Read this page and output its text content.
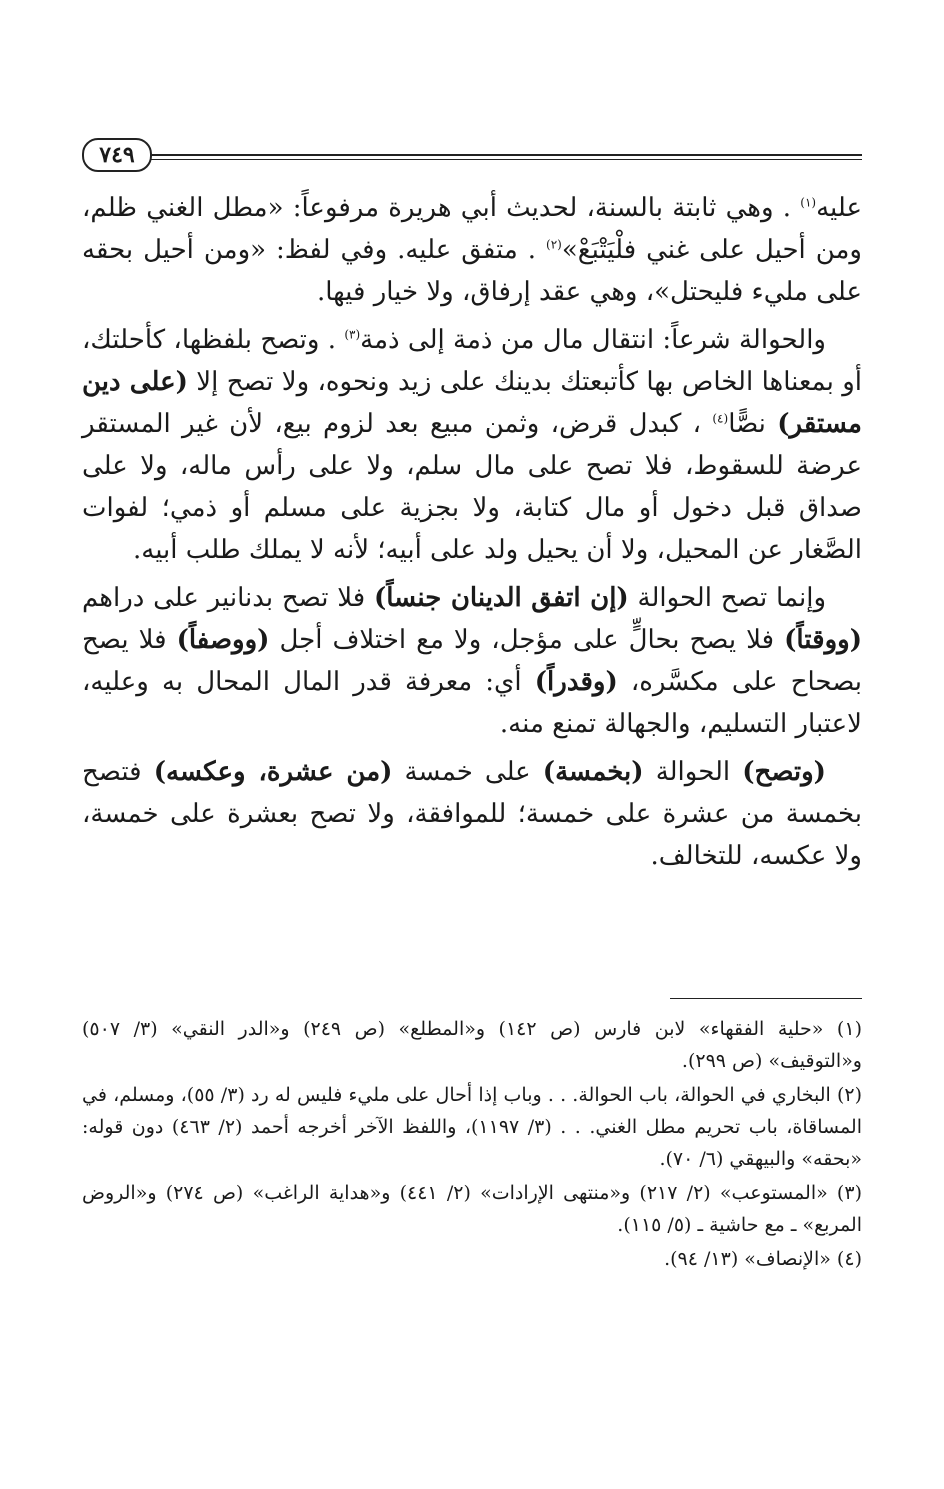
٧٤٩

عليه$^{(١)}$ . وهي ثابتة بالسنة، لحديث أبي هريرة مرفوعاً: «مطل الغني ظلم، ومن أحيل على غني فلْيَتْبَعْ»$^{(٢)}$ . متفق عليه. وفي لفظ: «ومن أحيل بحقه على مليء فليحتل»، وهي عقد إرفاق، ولا خيار فيها.

والحوالة شرعاً: انتقال مال من ذمة إلى ذمة$^{(٣)}$ . وتصح بلفظها، كأحلتك، أو بمعناها الخاص بها كأتبعتك بدينك على زيد ونحوه، ولا تصح إلا (على دين مستقر) نصًّا$^{(٤)}$ ، كبدل قرض، وثمن مبيع بعد لزوم بيع، لأن غير المستقر عرضة للسقوط، فلا تصح على مال سلم، ولا على رأس ماله، ولا على صداق قبل دخول أو مال كتابة، ولا بجزية على مسلم أو ذمي؛ لفوات الصَّغار عن المحيل، ولا أن يحيل ولد على أبيه؛ لأنه لا يملك طلب أبيه.

وإنما تصح الحوالة (إن اتفق الدينان جنساً) فلا تصح بدنانير على دراهم (ووقتاً) فلا يصح بحالٍّ على مؤجل، ولا مع اختلاف أجل (ووصفاً) فلا يصح بصحاح على مكسَّره، (وقدراً) أي: معرفة قدر المال المحال به وعليه، لاعتبار التسليم، والجهالة تمنع منه.

(وتصح) الحوالة (بخمسة) على خمسة (من عشرة، وعكسه) فتصح بخمسة من عشرة على خمسة؛ للموافقة، ولا تصح بعشرة على خمسة، ولا عكسه، للتخالف.

(١) «حلية الفقهاء» لابن فارس (ص ١٤٢) و«المطلع» (ص ٢٤٩) و«الدر النقي» (٣/ ٥٠٧) و«التوقيف» (ص ٢٩٩).

(٢) البخاري في الحوالة، باب الحوالة. . . وباب إذا أحال على مليء فليس له رد (٣/ ٥٥)، ومسلم، في المساقاة، باب تحريم مطل الغني. . . (٣/ ١١٩٧)، واللفظ الآخر أخرجه أحمد (٢/ ٤٦٣) دون قوله: «بحقه» والبيهقي (٦/ ٧٠).

(٣) «المستوعب» (٢/ ٢١٧) و«منتهى الإرادات» (٢/ ٤٤١) و«هداية الراغب» (ص ٢٧٤) و«الروض المربع» ـ مع حاشية ـ (٥/ ١١٥).

(٤) «الإنصاف» (١٣/ ٩٤).
